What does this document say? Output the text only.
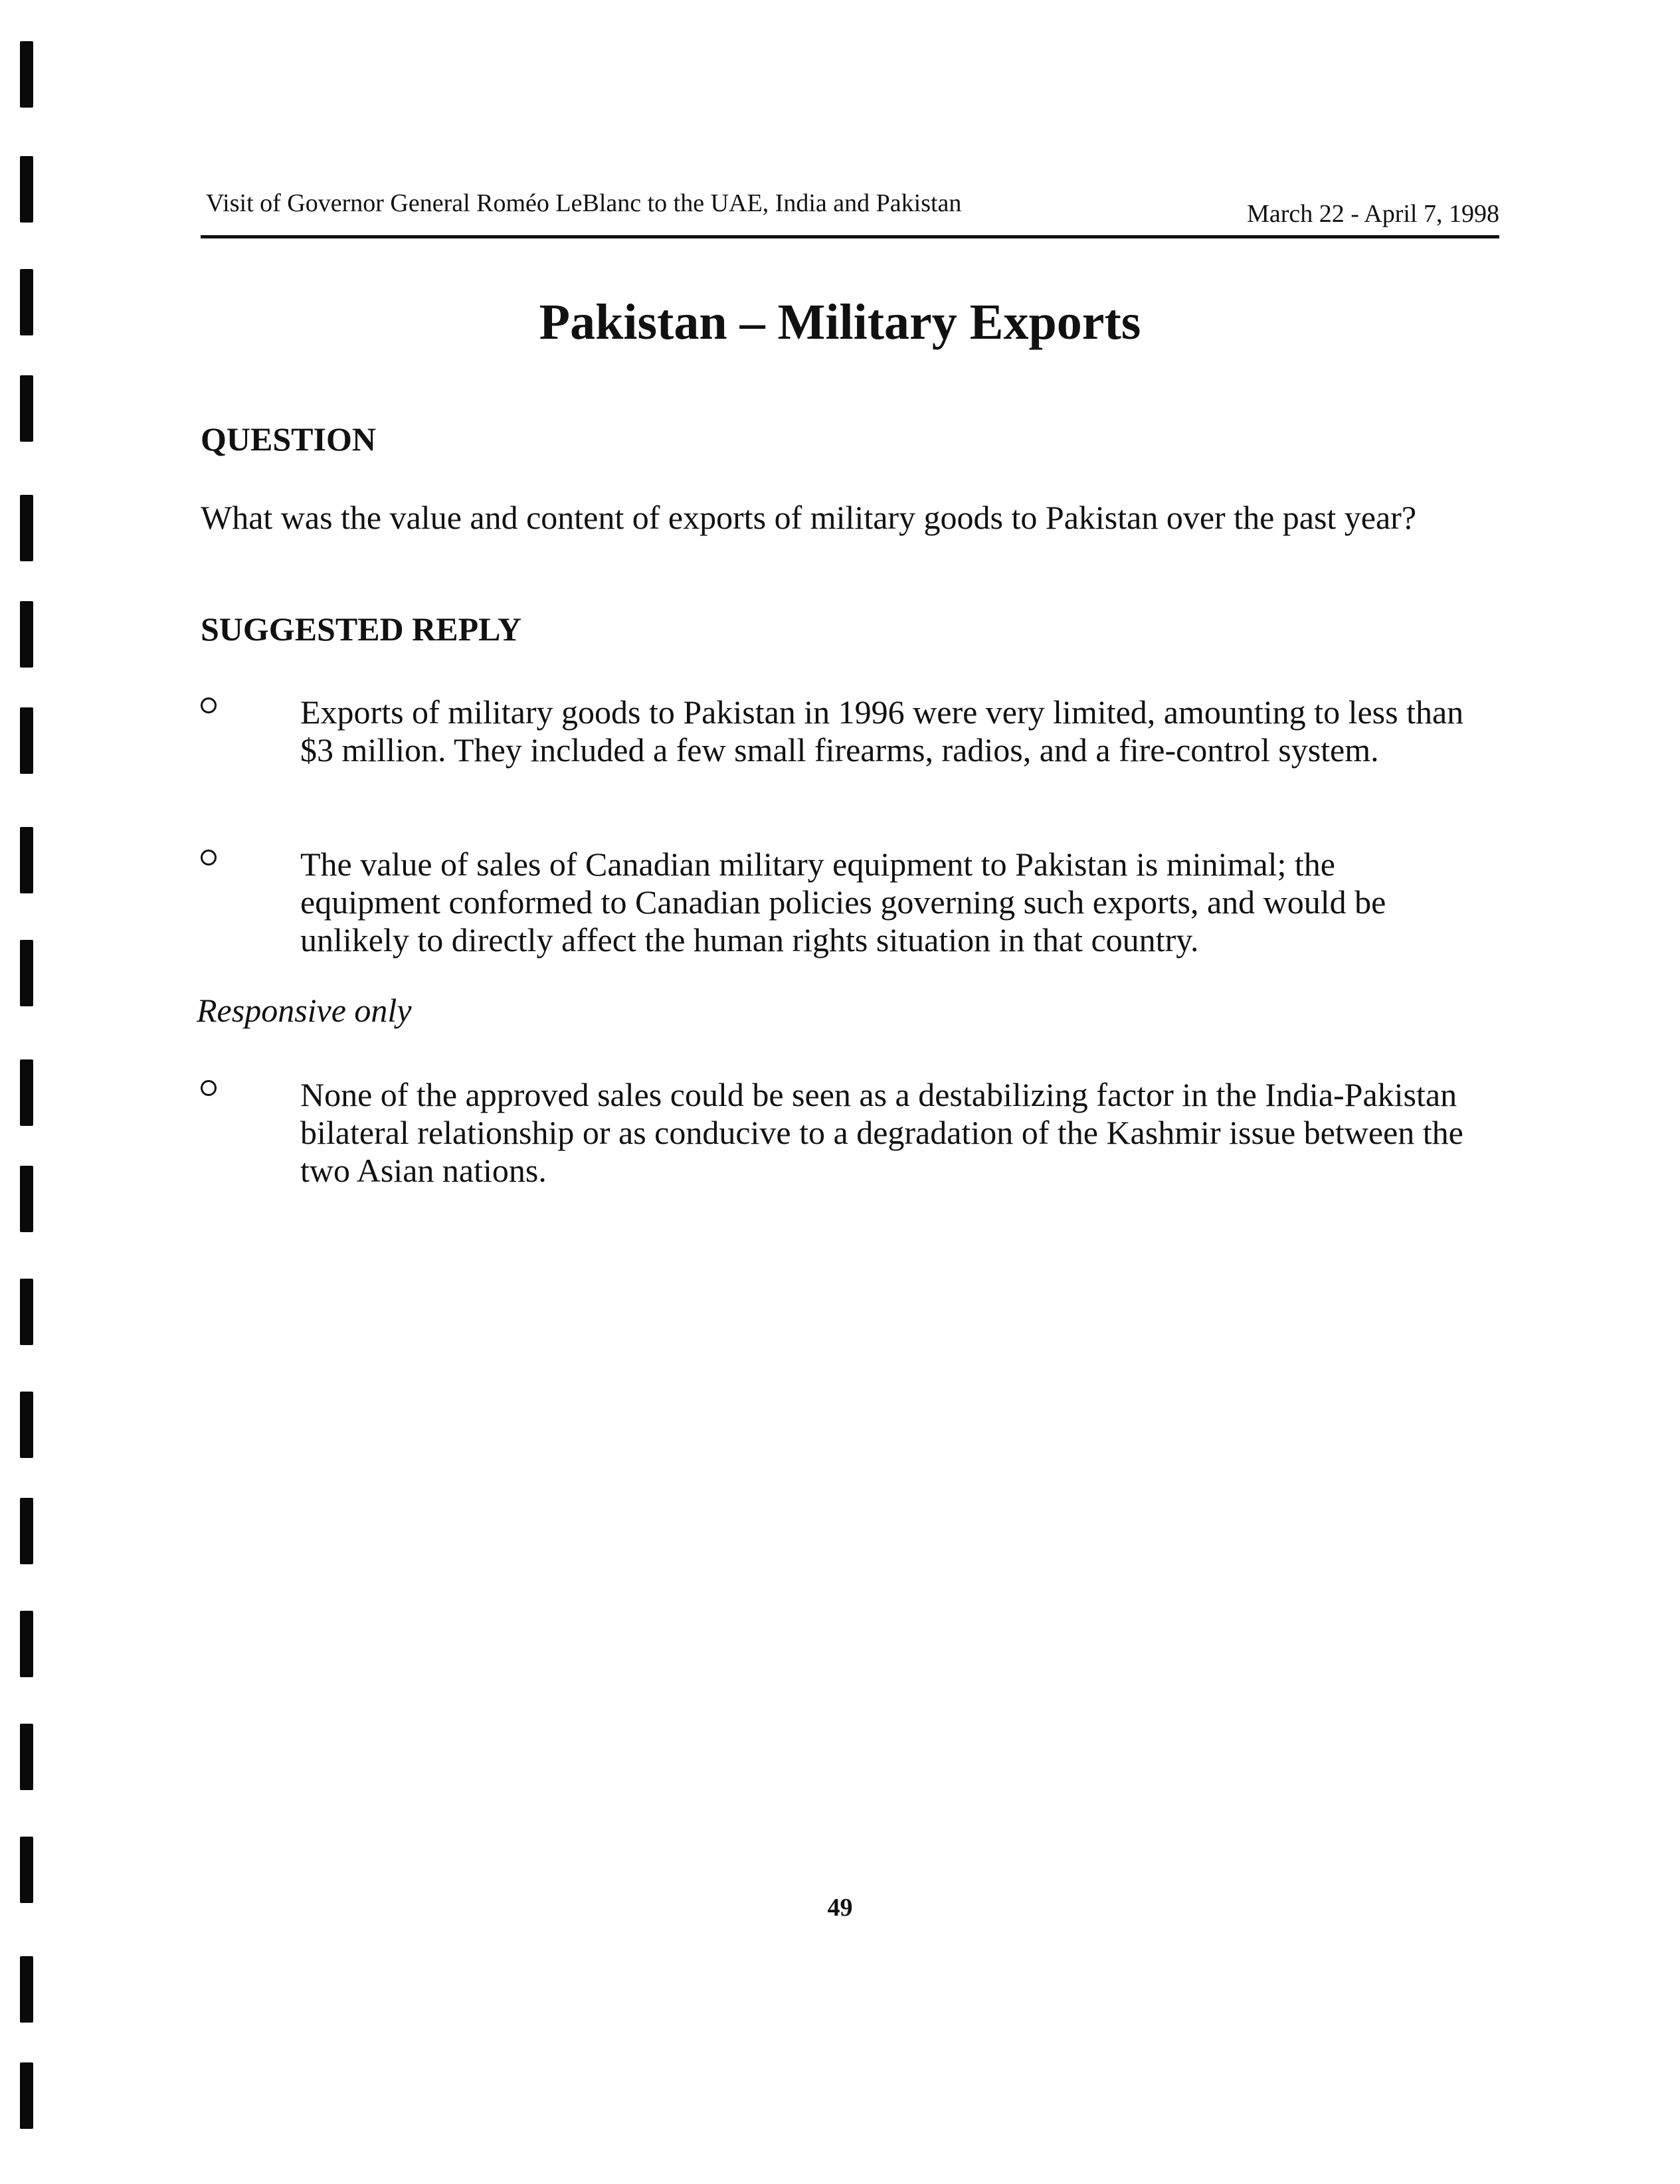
Visit of Governor General Roméo LeBlanc to the UAE, India and Pakistan	March 22 - April 7, 1998
Pakistan – Military Exports
QUESTION
What was the value and content of exports of military goods to Pakistan over the past year?
SUGGESTED REPLY
Exports of military goods to Pakistan in 1996 were very limited, amounting to less than $3 million. They included a few small firearms, radios, and a fire-control system.
The value of sales of Canadian military equipment to Pakistan is minimal; the equipment conformed to Canadian policies governing such exports, and would be unlikely to directly affect the human rights situation in that country.
Responsive only
None of the approved sales could be seen as a destabilizing factor in the India-Pakistan bilateral relationship or as conducive to a degradation of the Kashmir issue between the two Asian nations.
49
